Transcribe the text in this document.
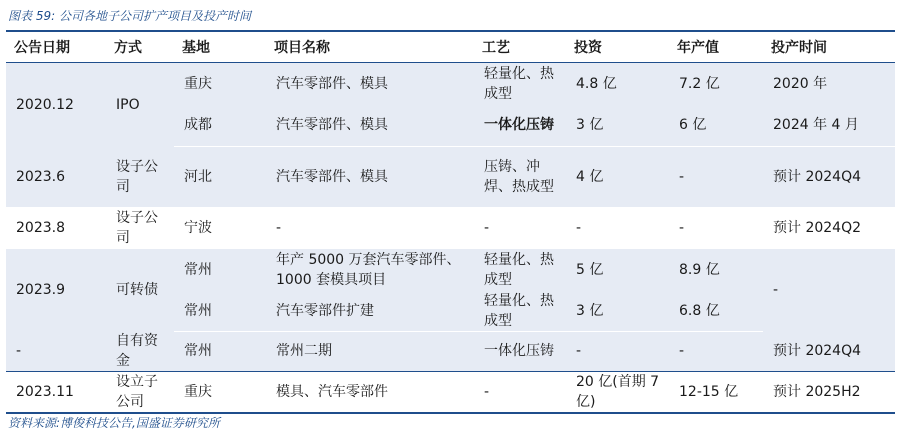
图表 59: 公司各地子公司扩产项目及投产时间
公告日期	方式	基地	项目名称	工艺	投资	年产值	投产时间
2020.12	IPO	重庆	汽车零部件、模具	轻量化、热成型	4.8 亿	7.2 亿	2020 年
		成都	汽车零部件、模具	一体化压铸	3 亿	6 亿	2024 年 4 月
2023.6	设子公司	河北	汽车零部件、模具	压铸、冲焊、热成型	4 亿	-	预计 2024Q4
2023.8	设子公司	宁波	-	-	-	-	预计 2024Q2
2023.9	可转债	常州	年产 5000 万套汽车零部件、1000 套模具项目	轻量化、热成型	5 亿	8.9 亿	-
		常州	汽车零部件扩建	轻量化、热成型	3 亿	6.8 亿	
-	自有资金	常州	常州二期	一体化压铸	-	-	预计 2024Q4
2023.11	设立子公司	重庆	模具、汽车零部件	-	20 亿(首期 7 亿)	12-15 亿	预计 2025H2
资料来源:博俊科技公告,国盛证券研究所
